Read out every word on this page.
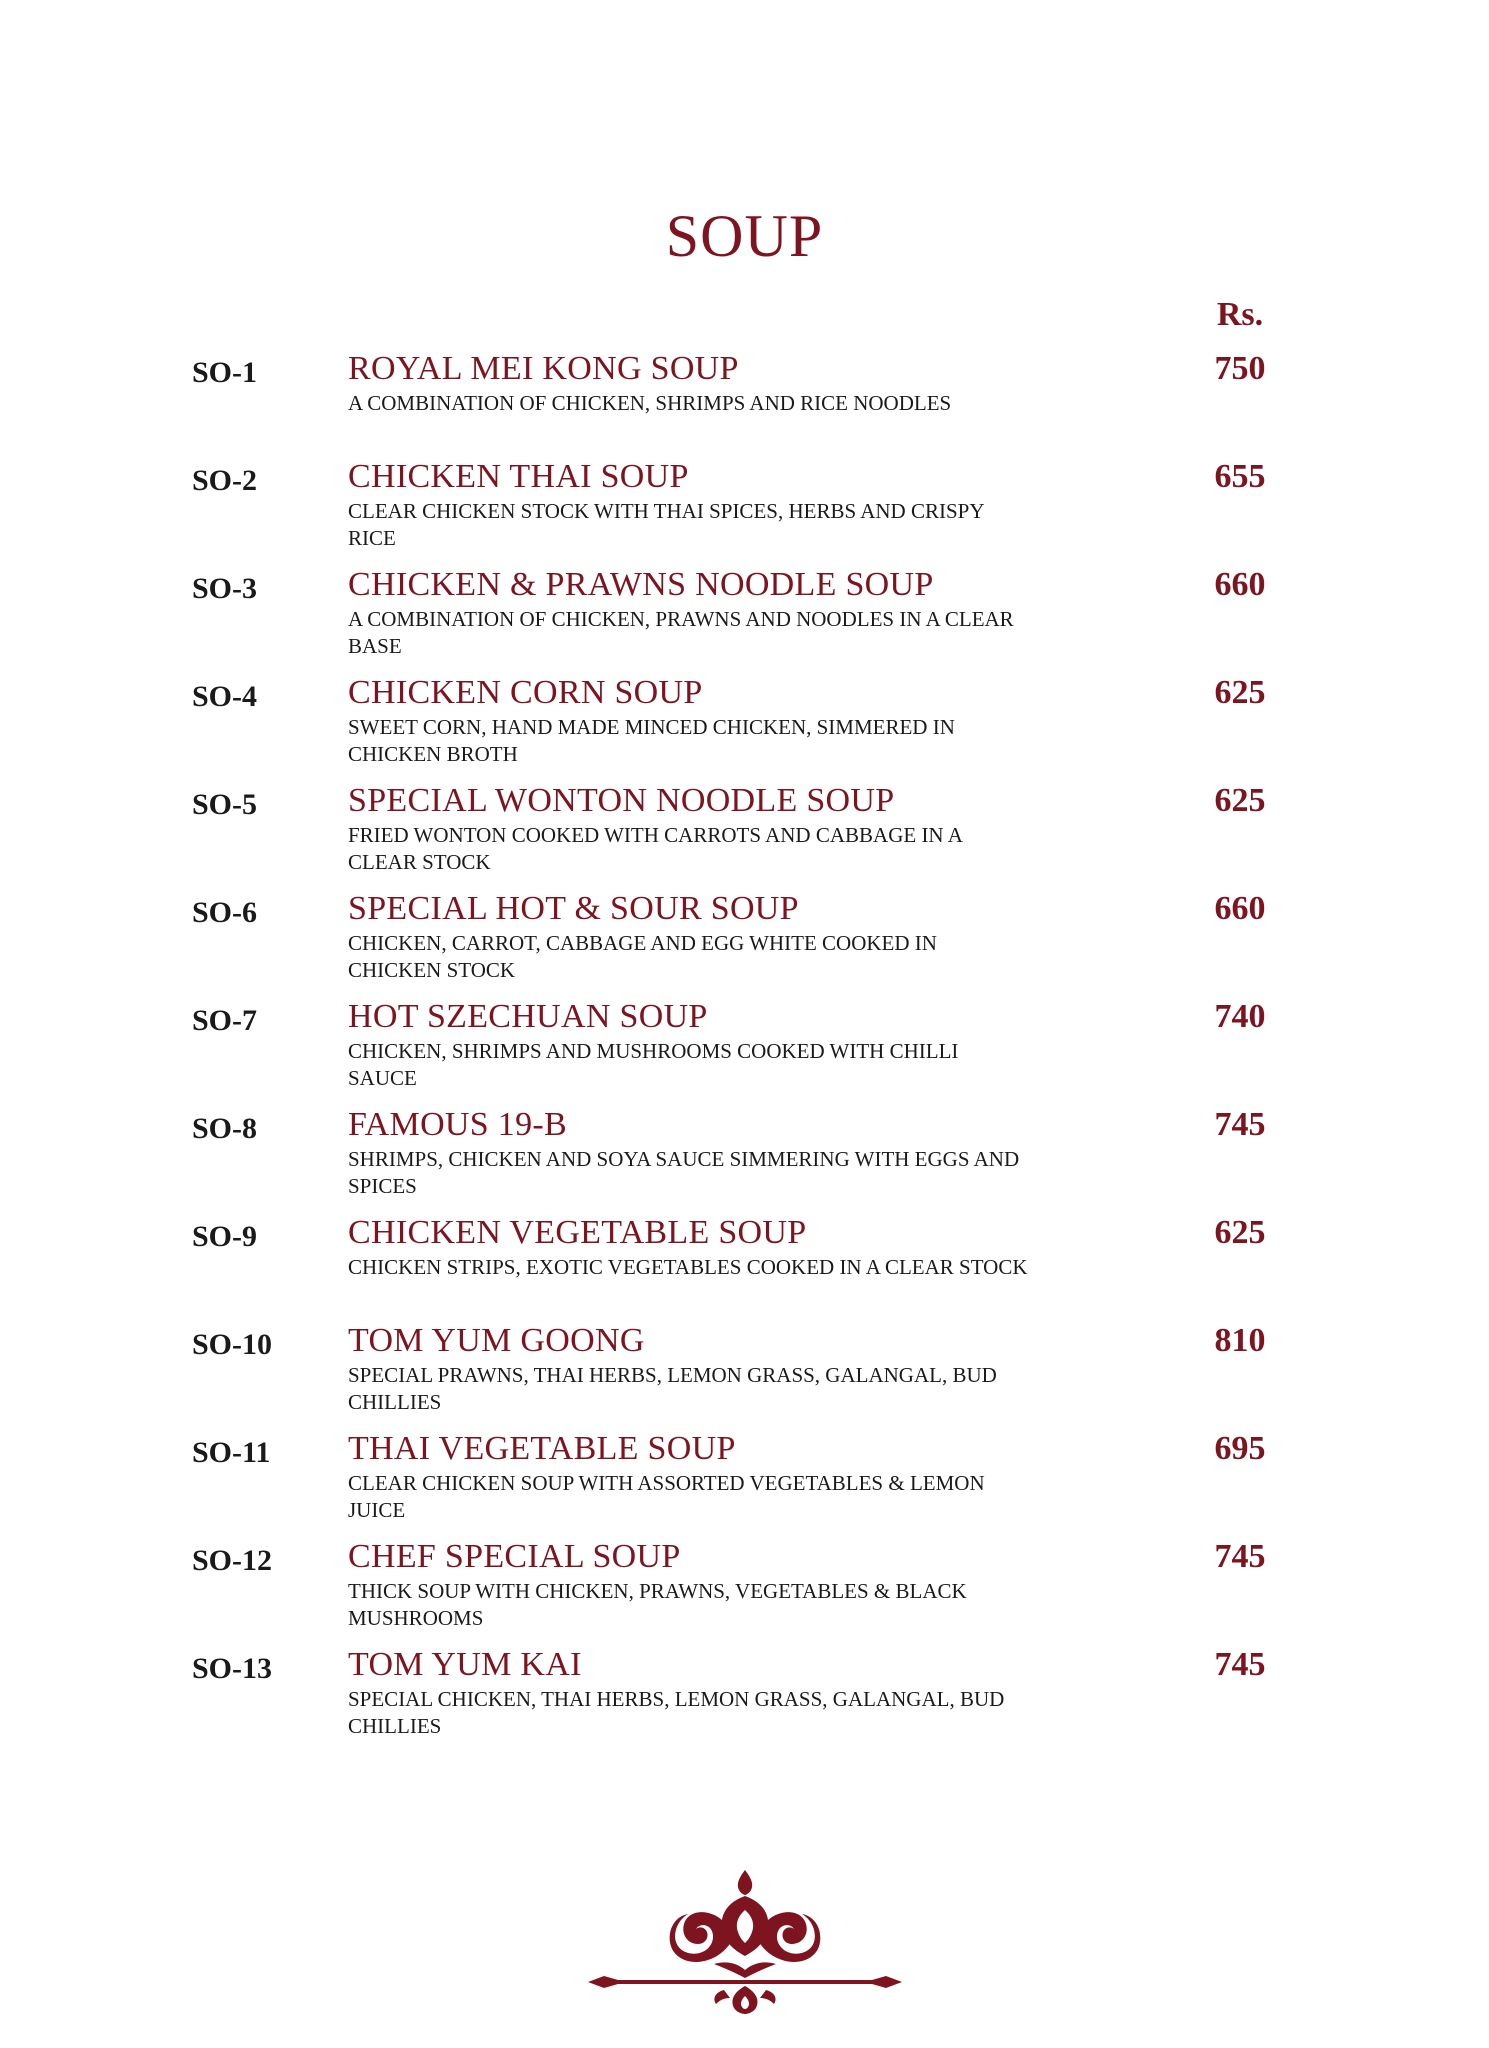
SOUP
Rs.
SO-1	ROYAL MEI KONG SOUP
A COMBINATION OF CHICKEN, SHRIMPS AND RICE NOODLES
750
SO-2	CHICKEN THAI SOUP
CLEAR CHICKEN STOCK WITH THAI SPICES, HERBS AND CRISPY RICE
655
SO-3	CHICKEN & PRAWNS NOODLE SOUP
A COMBINATION OF CHICKEN, PRAWNS AND NOODLES IN A CLEAR BASE
660
SO-4	CHICKEN CORN SOUP
SWEET CORN, HAND MADE MINCED CHICKEN, SIMMERED IN CHICKEN BROTH
625
SO-5	SPECIAL WONTON NOODLE SOUP
FRIED WONTON COOKED WITH CARROTS AND CABBAGE IN A CLEAR STOCK
625
SO-6	SPECIAL HOT & SOUR SOUP
CHICKEN, CARROT, CABBAGE AND EGG WHITE COOKED IN CHICKEN STOCK
660
SO-7	HOT SZECHUAN SOUP
CHICKEN, SHRIMPS AND MUSHROOMS COOKED WITH CHILLI SAUCE
740
SO-8	FAMOUS 19-B
SHRIMPS, CHICKEN AND SOYA SAUCE SIMMERING WITH EGGS AND SPICES
745
SO-9	CHICKEN VEGETABLE SOUP
CHICKEN STRIPS, EXOTIC VEGETABLES COOKED IN A CLEAR STOCK
625
SO-10 TOM YUM GOONG
SPECIAL PRAWNS, THAI HERBS, LEMON GRASS, GALANGAL, BUD CHILLIES
810
SO-11 THAI VEGETABLE SOUP
CLEAR CHICKEN SOUP WITH ASSORTED VEGETABLES & LEMON JUICE
695
SO-12 CHEF SPECIAL SOUP
THICK SOUP WITH CHICKEN, PRAWNS, VEGETABLES & BLACK MUSHROOMS
745
SO-13 TOM YUM KAI
SPECIAL CHICKEN, THAI HERBS, LEMON GRASS, GALANGAL, BUD CHILLIES
745
